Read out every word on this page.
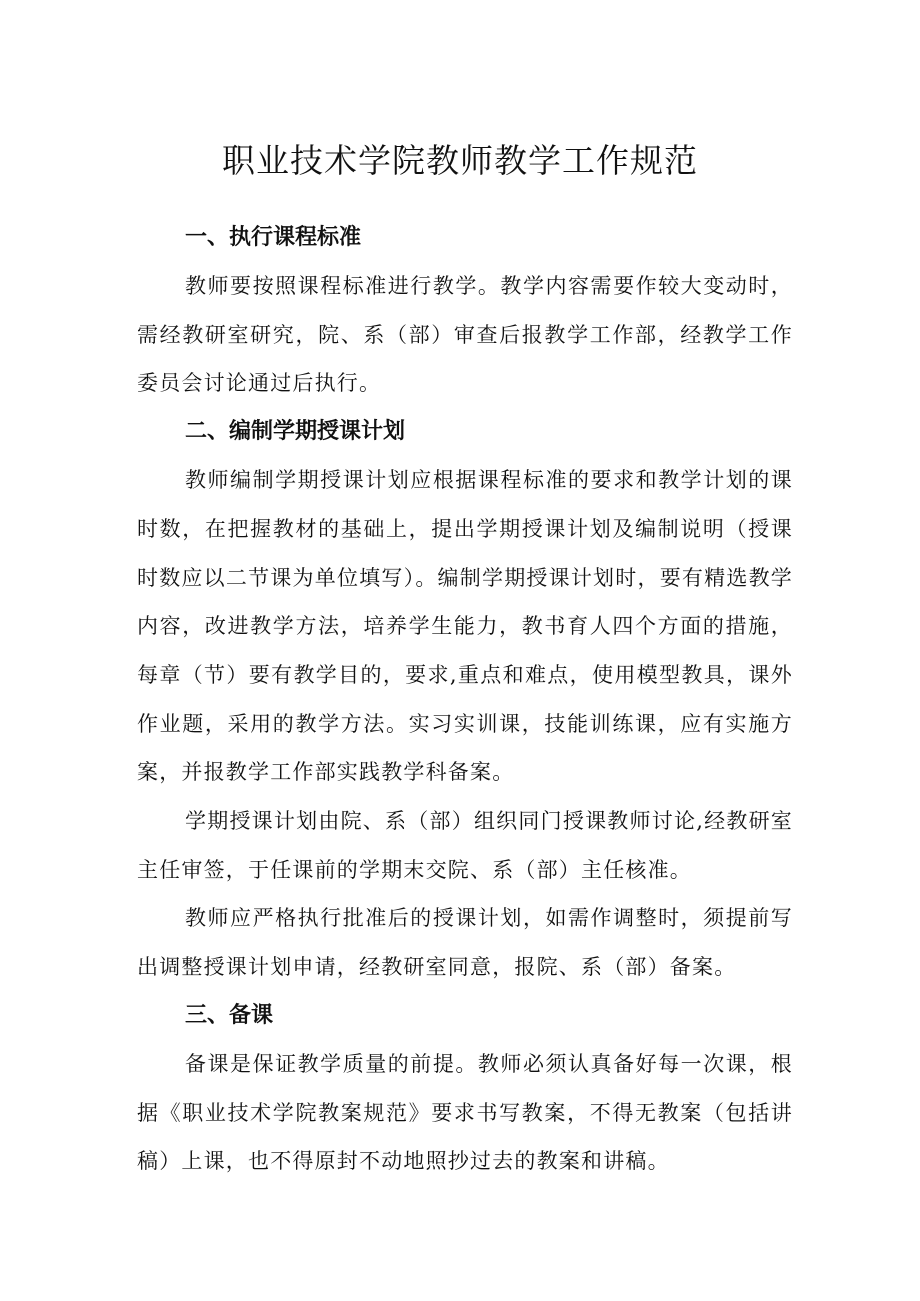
职业技术学院教师教学工作规范
一、执行课程标准

教师要按照课程标准进行教学。教学内容需要作较大变动时，需经教研室研究，院、系（部）审查后报教学工作部，经教学工作委员会讨论通过后执行。

二、编制学期授课计划

教师编制学期授课计划应根据课程标准的要求和教学计划的课时数，在把握教材的基础上，提出学期授课计划及编制说明（授课时数应以二节课为单位填写）。编制学期授课计划时，要有精选教学内容，改进教学方法，培养学生能力，教书育人四个方面的措施，每章（节）要有教学目的，要求,重点和难点，使用模型教具，课外作业题，采用的教学方法。实习实训课，技能训练课，应有实施方案，并报教学工作部实践教学科备案。

学期授课计划由院、系（部）组织同门授课教师讨论,经教研室主任审签，于任课前的学期末交院、系（部）主任核准。

教师应严格执行批准后的授课计划，如需作调整时，须提前写出调整授课计划申请，经教研室同意，报院、系（部）备案。

三、备课

备课是保证教学质量的前提。教师必须认真备好每一次课，根据《职业技术学院教案规范》要求书写教案，不得无教案（包括讲稿）上课，也不得原封不动地照抄过去的教案和讲稿。
